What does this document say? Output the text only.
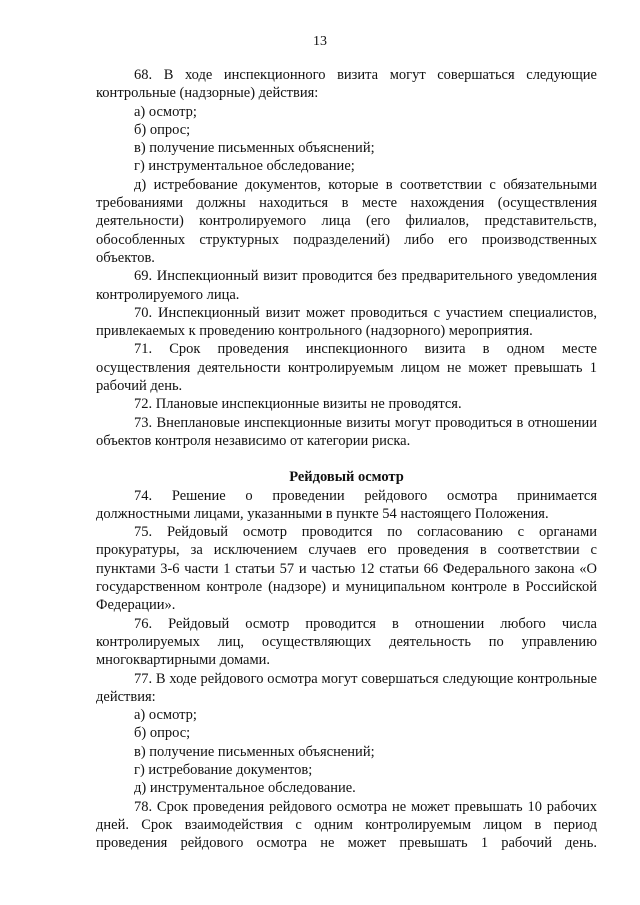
13

68. В ходе инспекционного визита могут совершаться следующие контрольные (надзорные) действия:

а) осмотр;

б) опрос;

в) получение письменных объяснений;

г) инструментальное обследование;

д) истребование документов, которые в соответствии с обязательными требованиями должны находиться в месте нахождения (осуществления деятельности) контролируемого лица (его филиалов, представительств, обособленных структурных подразделений) либо его производственных объектов.

69. Инспекционный визит проводится без предварительного уведомления контролируемого лица.

70. Инспекционный визит может проводиться с участием специалистов, привлекаемых к проведению контрольного (надзорного) мероприятия.

71. Срок проведения инспекционного визита в одном месте осуществления деятельности контролируемым лицом не может превышать 1 рабочий день.

72. Плановые инспекционные визиты не проводятся.

73. Внеплановые инспекционные визиты могут проводиться в отношении объектов контроля независимо от категории риска.

Рейдовый осмотр

74. Решение о проведении рейдового осмотра принимается должностными лицами, указанными в пункте 54 настоящего Положения.

75. Рейдовый осмотр проводится по согласованию с органами прокуратуры, за исключением случаев его проведения в соответствии с пунктами 3-6 части 1 статьи 57 и частью 12 статьи 66 Федерального закона «О государственном контроле (надзоре) и муниципальном контроле в Российской Федерации».

76. Рейдовый осмотр проводится в отношении любого числа контролируемых лиц, осуществляющих деятельность по управлению многоквартирными домами.

77. В ходе рейдового осмотра могут совершаться следующие контрольные действия:

а) осмотр;

б) опрос;

в) получение письменных объяснений;

г) истребование документов;

д) инструментальное обследование.

78. Срок проведения рейдового осмотра не может превышать 10 рабочих дней. Срок взаимодействия с одним контролируемым лицом в период проведения рейдового осмотра не может превышать 1 рабочий день.
